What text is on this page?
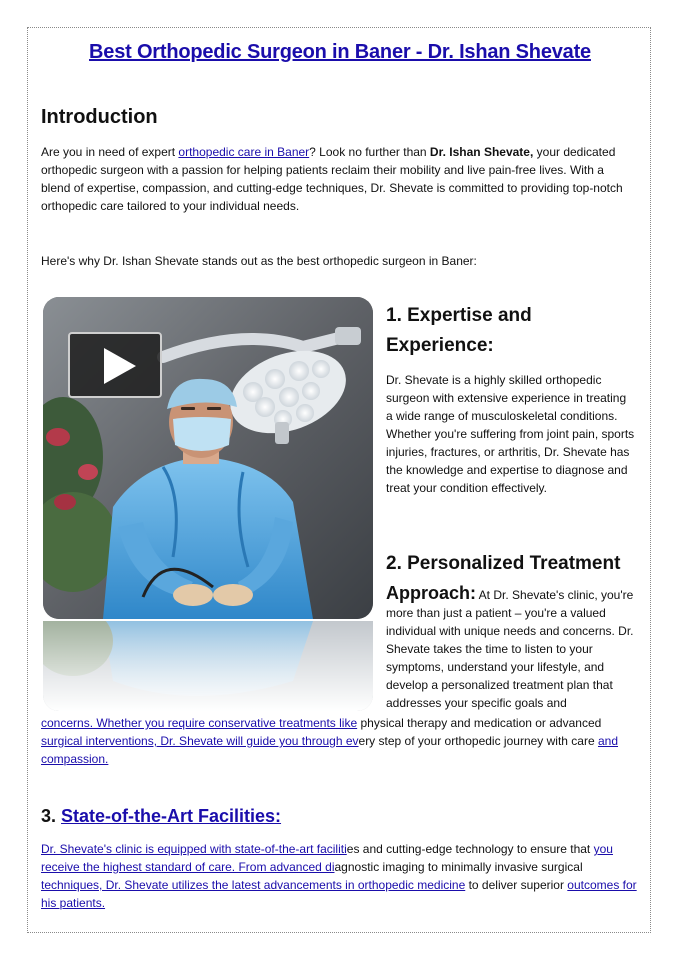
Best Orthopedic Surgeon in Baner - Dr. Ishan Shevate
Introduction
Are you in need of expert orthopedic care in Baner? Look no further than Dr. Ishan Shevate, your dedicated orthopedic surgeon with a passion for helping patients reclaim their mobility and live pain-free lives. With a blend of expertise, compassion, and cutting-edge techniques, Dr. Shevate is committed to providing top-notch orthopedic care tailored to your individual needs.
Here's why Dr. Ishan Shevate stands out as the best orthopedic surgeon in Baner:
1. Expertise and Experience:
Dr. Shevate is a highly skilled orthopedic surgeon with extensive experience in treating a wide range of musculoskeletal conditions. Whether you're suffering from joint pain, sports injuries, fractures, or arthritis, Dr. Shevate has the knowledge and expertise to diagnose and treat your condition effectively.
2. Personalized Treatment
Approach: At Dr. Shevate's clinic, you're more than just a patient – you're a valued individual with unique needs and concerns. Dr. Shevate takes the time to listen to your symptoms, understand your lifestyle, and develop a personalized treatment plan that addresses your specific goals and
concerns. Whether you require conservative treatments like physical therapy and medication or advanced surgical interventions, Dr. Shevate will guide you through every step of your orthopedic journey with care and compassion.
3. State-of-the-Art Facilities:
Dr. Shevate's clinic is equipped with state-of-the-art facilities and cutting-edge technology to ensure that you receive the highest standard of care. From advanced diagnostic imaging to minimally invasive surgical techniques, Dr. Shevate utilizes the latest advancements in orthopedic medicine to deliver superior outcomes for his patients.
